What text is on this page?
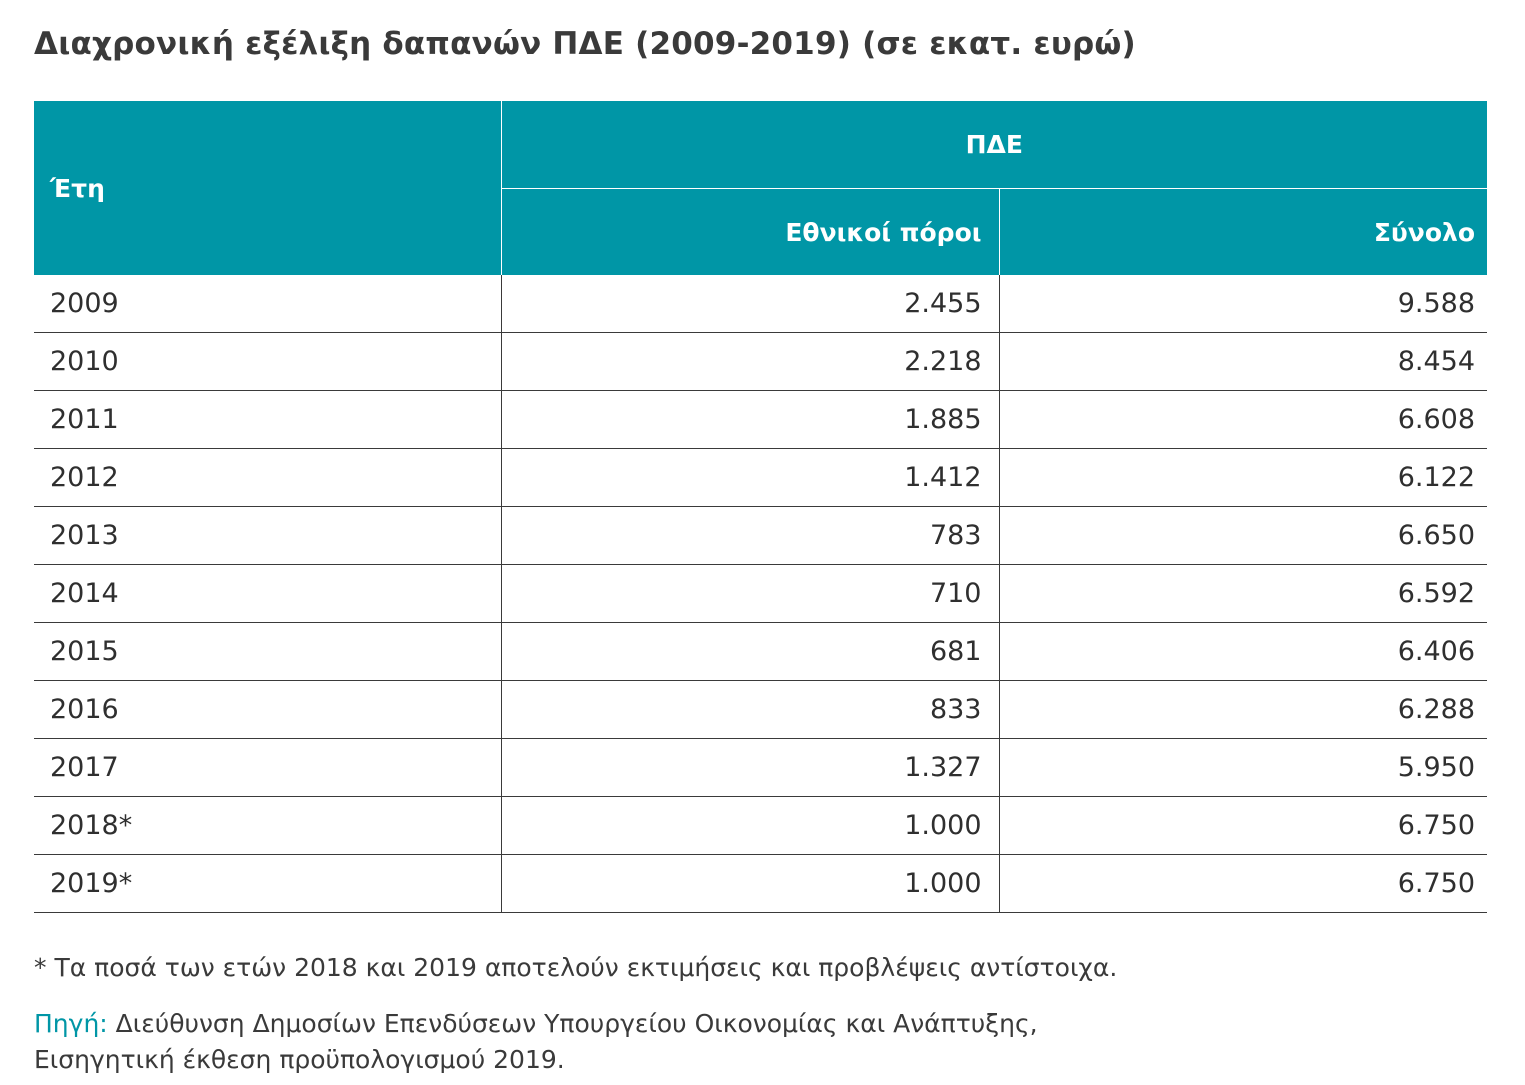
Διαχρονική εξέλιξη δαπανών ΠΔΕ (2009-2019) (σε εκατ. ευρώ)
Έτη	ΠΔΕ	
	Εθνικοί πόροι	Σύνολο
2009	2.455	9.588
2010	2.218	8.454
2011	1.885	6.608
2012	1.412	6.122
2013	783	6.650
2014	710	6.592
2015	681	6.406
2016	833	6.288
2017	1.327	5.950
2018*	1.000	6.750
2019*	1.000	6.750
* Τα ποσά των ετών 2018 και 2019 αποτελούν εκτιμήσεις και προβλέψεις αντίστοιχα.
Πηγή: Διεύθυνση Δημοσίων Επενδύσεων Υπουργείου Οικονομίας και Ανάπτυξης,
Εισηγητική έκθεση προϋπολογισμού 2019.
